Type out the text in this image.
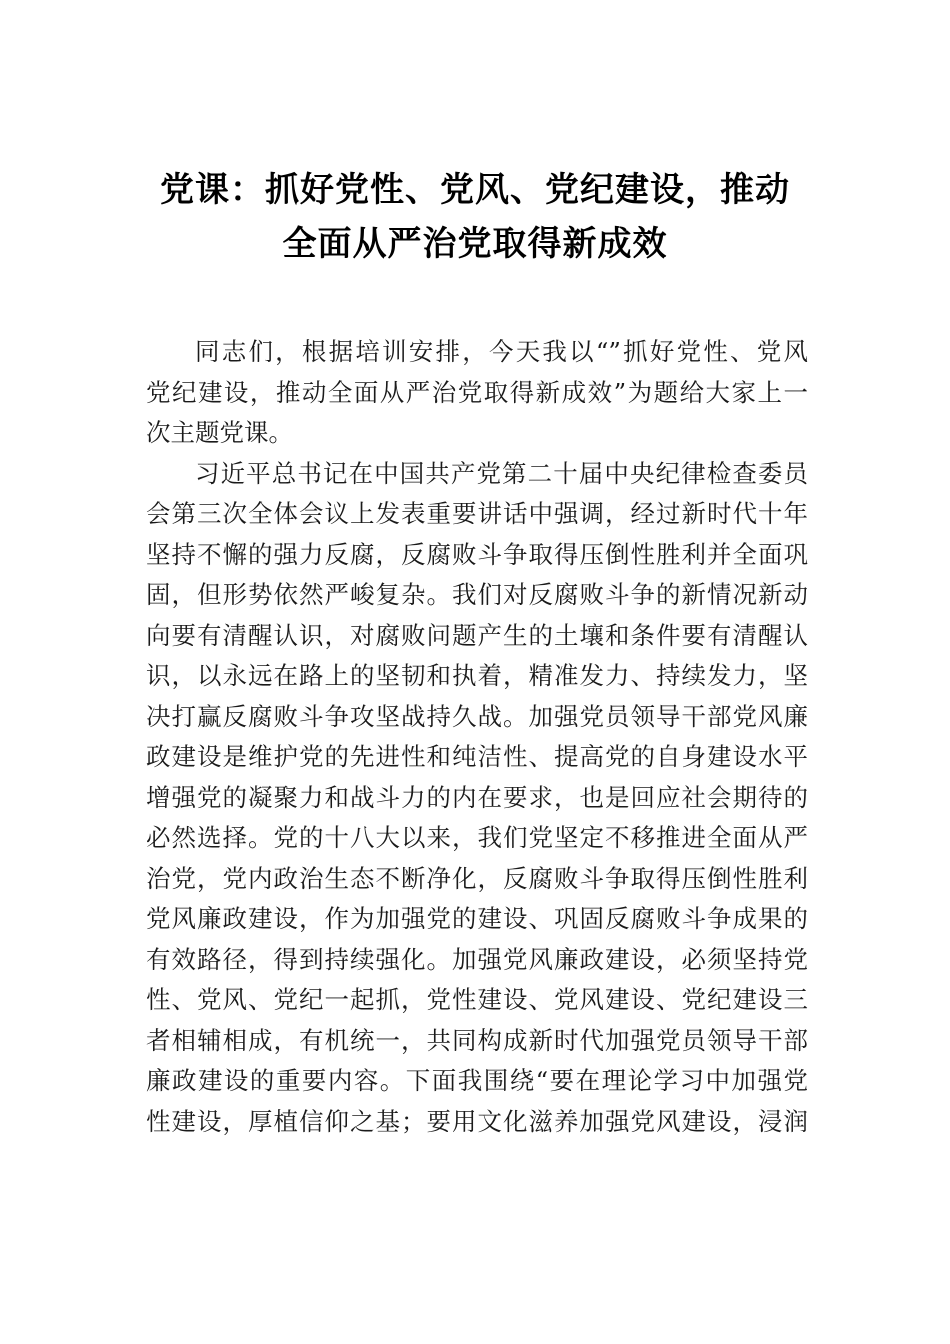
党课：抓好党性、党风、党纪建设，推动
全面从严治党取得新成效
同志们，根据培训安排，今天我以“”抓好党性、党风
党纪建设，推动全面从严治党取得新成效”为题给大家上一
次主题党课。
习近平总书记在中国共产党第二十届中央纪律检查委员
会第三次全体会议上发表重要讲话中强调，经过新时代十年
坚持不懈的强力反腐，反腐败斗争取得压倒性胜利并全面巩
固，但形势依然严峻复杂。我们对反腐败斗争的新情况新动
向要有清醒认识，对腐败问题产生的土壤和条件要有清醒认
识，以永远在路上的坚韧和执着，精准发力、持续发力，坚
决打赢反腐败斗争攻坚战持久战。加强党员领导干部党风廉
政建设是维护党的先进性和纯洁性、提高党的自身建设水平
增强党的凝聚力和战斗力的内在要求，也是回应社会期待的
必然选择。党的十八大以来，我们党坚定不移推进全面从严
治党，党内政治生态不断净化，反腐败斗争取得压倒性胜利
党风廉政建设，作为加强党的建设、巩固反腐败斗争成果的
有效路径，得到持续强化。加强党风廉政建设，必须坚持党
性、党风、党纪一起抓，党性建设、党风建设、党纪建设三
者相辅相成，有机统一，共同构成新时代加强党员领导干部
廉政建设的重要内容。下面我围绕“要在理论学习中加强党
性建设，厚植信仰之基；要用文化滋养加强党风建设，浸润
